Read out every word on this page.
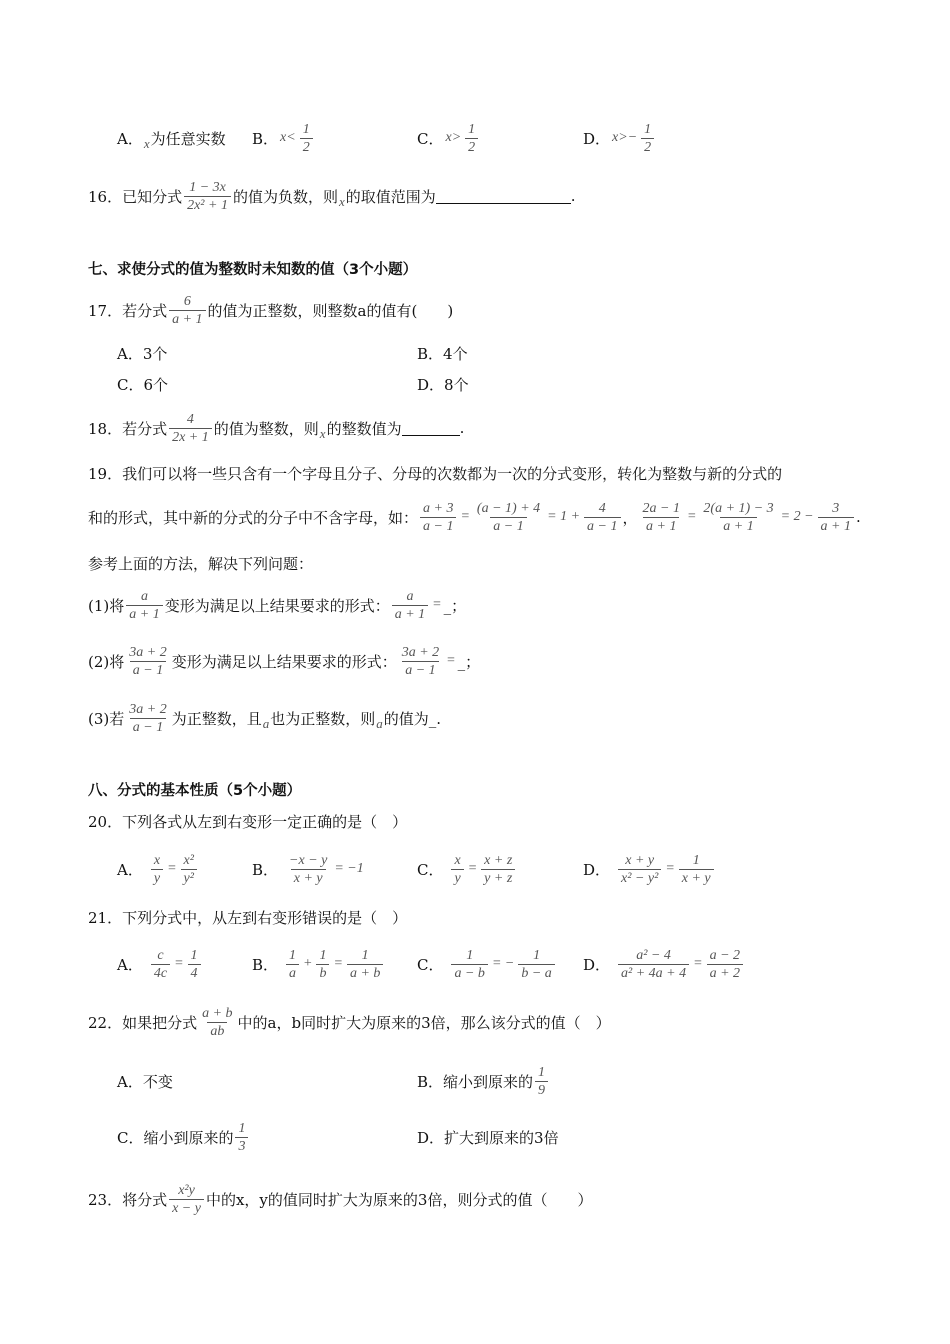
A． x 为任意实数 B． $x< \frac{1}{2}$	C． $x> \frac{1}{2}$	D． $x>- \frac{1}{2}$
16．已知分式 $\frac{1 - 3x}{\text{2x² + 1}}$ 的值为负数，则 x 的取值范围为	.
七、求使分式的值为整数时未知数的值（3个小题）
17．若分式 $\frac{6}{a + 1}$ 的值为正整数，则整数a的值有(　　)
A．3个	B．4个
C．6个	D．8个
18．若分式 $\frac{4}{2x + 1}$ 的值为整数，则 x 的整数值为	.
19．我们可以将一些只含有一个字母且分子、分母的次数都为一次的分式变形，转化为整数与新的分式的
和的形式，其中新的分式的分子中不含字母，如： $\frac{a + 3}{a - 1} = \frac{(a - 1) + 4}{a - 1} = 1 + \frac{4}{a - 1}$ ， $\frac{2a - 1}{a + 1} = \frac{2(a + 1) - 3}{a + 1} = 2 - \frac{3}{a + 1}$ .
参考上面的方法，解决下列问题：
(1)将 $\frac{a}{a + 1}$ 变形为满足以上结果要求的形式： $\frac{a}{a + 1}$ = _；
(2)将 $\frac{3a + 2}{a - 1}$ 变形为满足以上结果要求的形式： $\frac{3a + 2}{a - 1}$ = _；
(3)若 $\frac{3a + 2}{a - 1}$ 为正整数，且 a 也为正整数，则 a 的值为_.
八、分式的基本性质（5个小题）
20．下列各式从左到右变形一定正确的是（　）
A． $\frac{x}{y} = \frac{\text{x²}}{\text{y²}}$	B． $\frac{-x - y}{x + y} = -1$	C． $\frac{x}{y} = \frac{x + z}{y + z}$	D． $\frac{x + y}{\text{x² − y²}} = \frac{1}{x + y}$
21．下列分式中，从左到右变形错误的是（　）
A． $\frac{c}{4c} = \frac{1}{4}$	B． $\frac{1}{a} + \frac{1}{b} = \frac{1}{a + b}$ C． $\frac{1}{a - b}$ = − $\frac{1}{b - a}$ D． $\frac{\text{a² − 4}}{\text{a² + 4a + 4}} = \frac{a - 2}{a + 2}$
22．如果把分式 $\frac{a + b}{ab}$ 中的a，b同时扩大为原来的3倍，那么该分式的值（　）
A．不变	B．缩小到原来的 $\frac{1}{9}$
C．缩小到原来的 $\frac{1}{3}$	D．扩大到原来的3倍
23．将分式 $\frac{\text{x²y}}{x - y}$ 中的x，y的值同时扩大为原来的3倍，则分式的值（　　）
